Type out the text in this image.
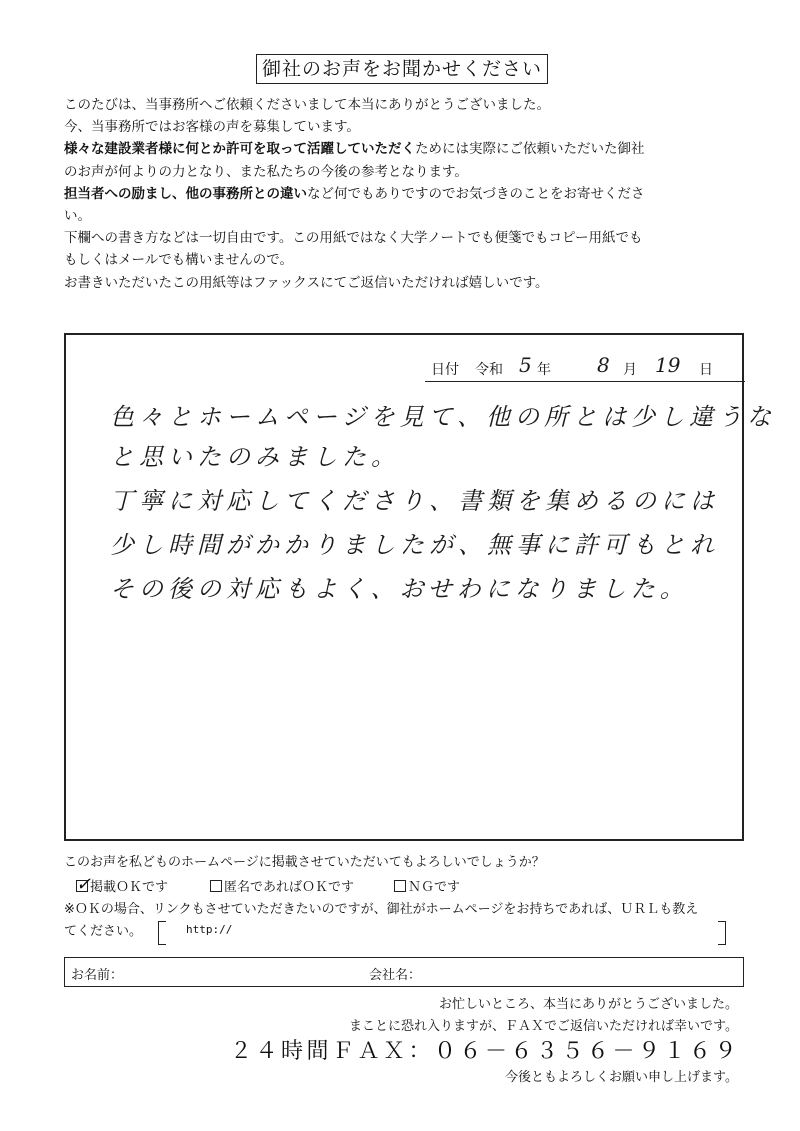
御社のお声をお聞かせください
このたびは、当事務所へご依頼くださいまして本当にありがとうございました。
今、当事務所ではお客様の声を募集しています。
様々な建設業者様に何とか許可を取って活躍していただくためには実際にご依頼いただいた御社
のお声が何よりの力となり、また私たちの今後の参考となります。
担当者への励まし、他の事務所との違いなど何でもありですのでお気づきのことをお寄せくださ
い。
下欄への書き方などは一切自由です。この用紙ではなく大学ノートでも便箋でもコピー用紙でも
もしくはメールでも構いませんので。
お書きいただいたこの用紙等はファックスにてご返信いただければ嬉しいです。
日付 令和 5 年 8 月 19 日
色々とホームページを見て、他の所とは少し違うな
と思いたのみました。
丁寧に対応してくださり、書類を集めるのには
少し時間がかかりましたが、無事に許可もとれ
その後の対応もよく、おせわになりました。
このお声を私どものホームページに掲載させていただいてもよろしいでしょうか？
✓
掲載ＯＫです	匿名であればＯＫです	ＮＧです
※ＯＫの場合、リンクもさせていただきたいのですが、御社がホームページをお持ちであれば、ＵＲＬも教え
てください。	http://
お名前：	会社名：
お忙しいところ、本当にありがとうございました。
まことに恐れ入りますが、ＦＡＸでご返信いただければ幸いです。
２４時間ＦＡＸ：０６－６３５６－９１６９
今後ともよろしくお願い申し上げます。
